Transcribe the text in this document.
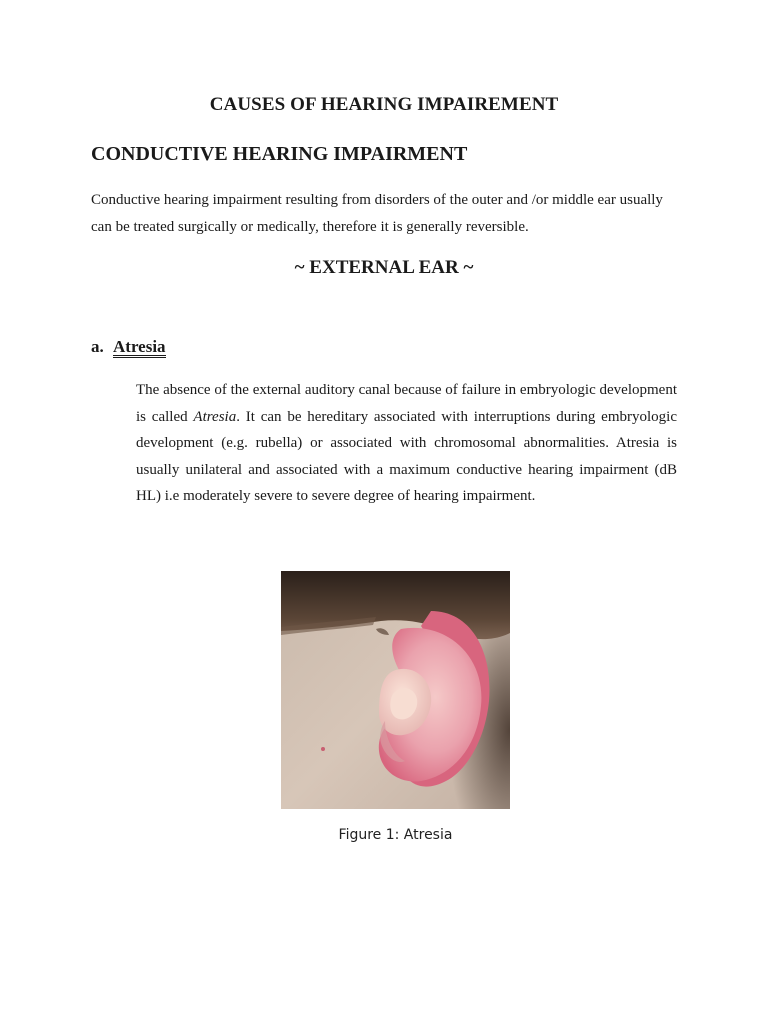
CAUSES OF HEARING IMPAIREMENT
CONDUCTIVE HEARING IMPAIRMENT

Conductive hearing impairment resulting from disorders of the outer and /or middle ear usually can be treated surgically or medically, therefore it is generally reversible.

~ EXTERNAL EAR ~
a. Atresia

The absence of the external auditory canal because of failure in embryologic development is called Atresia. It can be hereditary associated with interruptions during embryologic development (e.g. rubella) or associated with chromosomal abnormalities. Atresia is usually unilateral and associated with a maximum conductive hearing impairment (dB HL) i.e moderately severe to severe degree of hearing impairment.

Figure 1: Atresia
